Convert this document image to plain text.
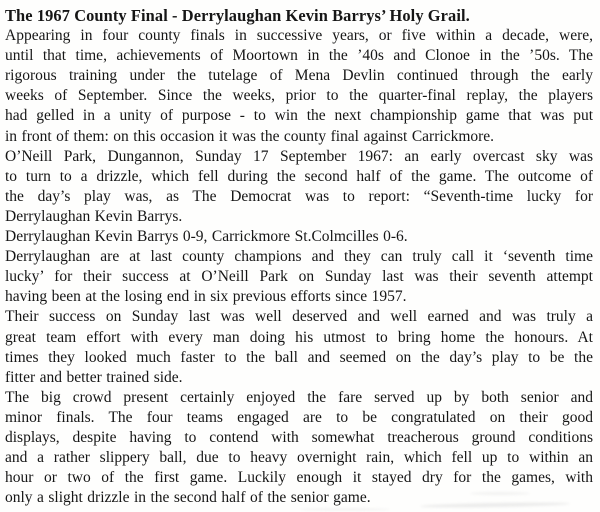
The 1967 County Final - Derrylaughan Kevin Barrys’ Holy Grail.
Appearing in four county finals in successive years, or five within a decade, were,
until that time, achievements of Moortown in the ’40s and Clonoe in the ’50s. The
rigorous training under the tutelage of Mena Devlin continued through the early
weeks of September. Since the weeks, prior to the quarter-final replay, the players
had gelled in a unity of purpose - to win the next championship game that was put
in front of them: on this occasion it was the county final against Carrickmore.
O’Neill Park, Dungannon, Sunday 17 September 1967: an early overcast sky was
to turn to a drizzle, which fell during the second half of the game. The outcome of
the day’s play was, as The Democrat was to report: “Seventh-time lucky for
Derrylaughan Kevin Barrys.
Derrylaughan Kevin Barrys 0-9, Carrickmore St.Colmcilles 0-6.
Derrylaughan are at last county champions and they can truly call it ‘seventh time
lucky’ for their success at O’Neill Park on Sunday last was their seventh attempt
having been at the losing end in six previous efforts since 1957.
Their success on Sunday last was well deserved and well earned and was truly a
great team effort with every man doing his utmost to bring home the honours. At
times they looked much faster to the ball and seemed on the day’s play to be the
fitter and better trained side.
The big crowd present certainly enjoyed the fare served up by both senior and
minor finals. The four teams engaged are to be congratulated on their good
displays, despite having to contend with somewhat treacherous ground conditions
and a rather slippery ball, due to heavy overnight rain, which fell up to within an
hour or two of the first game. Luckily enough it stayed dry for the games, with
only a slight drizzle in the second half of the senior game.
